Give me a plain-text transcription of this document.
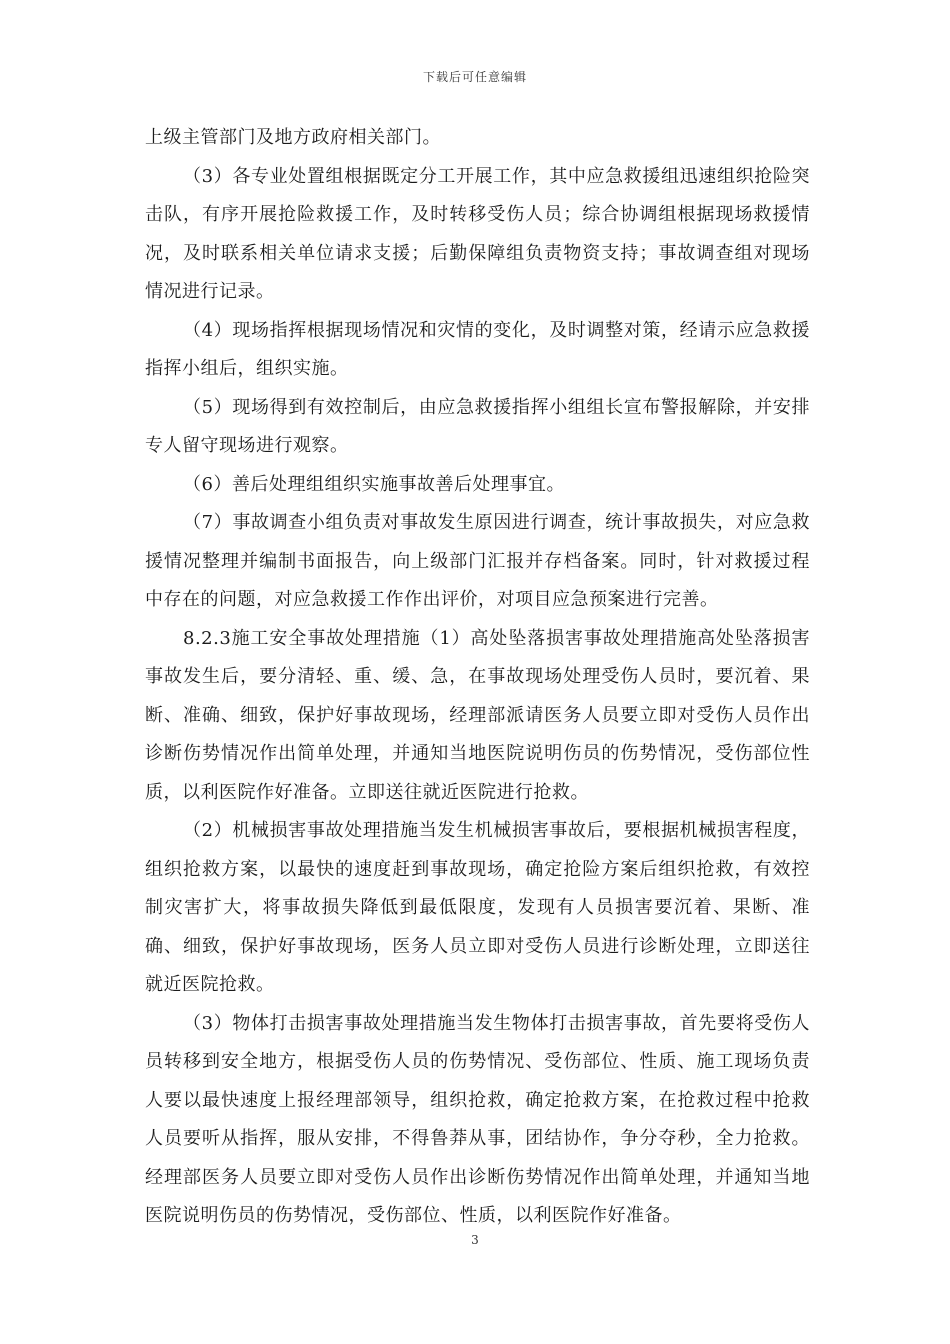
下载后可任意编辑

上级主管部门及地方政府相关部门。

（3）各专业处置组根据既定分工开展工作，其中应急救援组迅速组织抢险突击队，有序开展抢险救援工作，及时转移受伤人员；综合协调组根据现场救援情况，及时联系相关单位请求支援；后勤保障组负责物资支持；事故调查组对现场情况进行记录。

（4）现场指挥根据现场情况和灾情的变化，及时调整对策，经请示应急救援指挥小组后，组织实施。

（5）现场得到有效控制后，由应急救援指挥小组组长宣布警报解除，并安排专人留守现场进行观察。

（6）善后处理组组织实施事故善后处理事宜。

（7）事故调查小组负责对事故发生原因进行调查，统计事故损失，对应急救援情况整理并编制书面报告，向上级部门汇报并存档备案。同时，针对救援过程中存在的问题，对应急救援工作作出评价，对项目应急预案进行完善。

8.2.3施工安全事故处理措施（1）高处坠落损害事故处理措施高处坠落损害事故发生后，要分清轻、重、缓、急，在事故现场处理受伤人员时，要沉着、果断、准确、细致，保护好事故现场，经理部派请医务人员要立即对受伤人员作出诊断伤势情况作出简单处理，并通知当地医院说明伤员的伤势情况，受伤部位性质，以利医院作好准备。立即送往就近医院进行抢救。

（2）机械损害事故处理措施当发生机械损害事故后，要根据机械损害程度，组织抢救方案，以最快的速度赶到事故现场，确定抢险方案后组织抢救，有效控制灾害扩大，将事故损失降低到最低限度，发现有人员损害要沉着、果断、准确、细致，保护好事故现场，医务人员立即对受伤人员进行诊断处理，立即送往就近医院抢救。

（3）物体打击损害事故处理措施当发生物体打击损害事故，首先要将受伤人员转移到安全地方，根据受伤人员的伤势情况、受伤部位、性质、施工现场负责人要以最快速度上报经理部领导，组织抢救，确定抢救方案，在抢救过程中抢救人员要听从指挥，服从安排，不得鲁莽从事，团结协作，争分夺秒，全力抢救。经理部医务人员要立即对受伤人员作出诊断伤势情况作出简单处理，并通知当地医院说明伤员的伤势情况，受伤部位、性质，以利医院作好准备。

3
